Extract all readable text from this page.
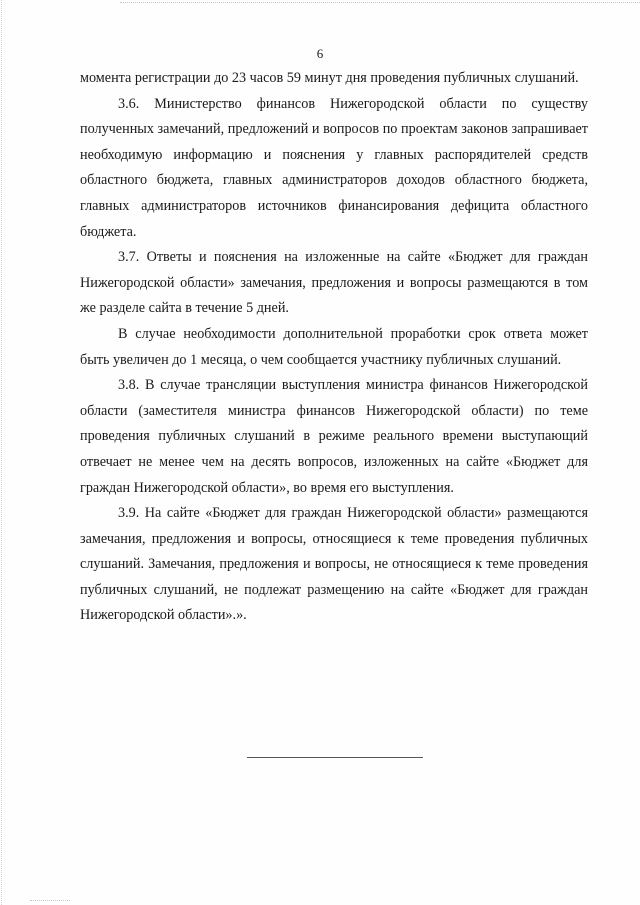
6

момента регистрации до 23 часов 59 минут дня проведения публичных слушаний.

3.6. Министерство финансов Нижегородской области по существу полученных замечаний, предложений и вопросов по проектам законов запрашивает необходимую информацию и пояснения у главных распорядителей средств областного бюджета, главных администраторов доходов областного бюджета, главных администраторов источников финансирования дефицита областного бюджета.

3.7. Ответы и пояснения на изложенные на сайте «Бюджет для граждан Нижегородской области» замечания, предложения и вопросы размещаются в том же разделе сайта в течение 5 дней.

В случае необходимости дополнительной проработки срок ответа может быть увеличен до 1 месяца, о чем сообщается участнику публичных слушаний.

3.8. В случае трансляции выступления министра финансов Нижегородской области (заместителя министра финансов Нижегородской области) по теме проведения публичных слушаний в режиме реального времени выступающий отвечает не менее чем на десять вопросов, изложенных на сайте «Бюджет для граждан Нижегородской области», во время его выступления.

3.9. На сайте «Бюджет для граждан Нижегородской области» размещаются замечания, предложения и вопросы, относящиеся к теме проведения публичных слушаний. Замечания, предложения и вопросы, не относящиеся к теме проведения публичных слушаний, не подлежат размещению на сайте «Бюджет для граждан Нижегородской области».».
